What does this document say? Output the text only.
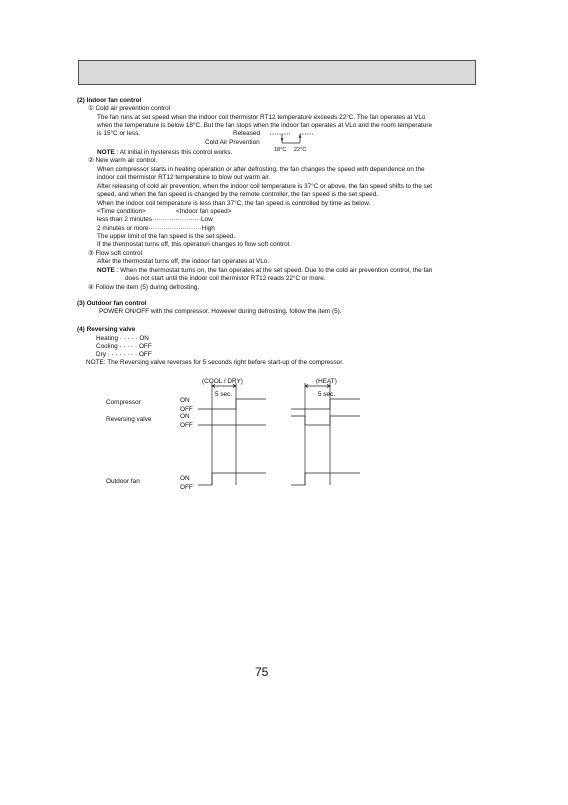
(2) Indoor fan control
① Cold air prevention control
The fan runs at set speed when the indoor coil thermistor RT12 temperature exceeds 22°C. The fan operates at VLo
when the temperature is below 18°C. But the fan stops when the indoor fan operates at VLo and the room temperature
is 15°C or less.	Released
Cold Air Prevention
18°C 22°C
NOTE : At initial in hysteresis this control works.
② New warm air control.
When compressor starts in heating operation or after defrosting, the fan changes the speed with dependence on the
indoor coil thermistor RT12 temperature to blow out warm air.
After releasing of cold air prevention, when the indoor coil temperature is 37°C or above, the fan speed shifts to the set
speed, and when the fan speed is changed by the remote controller, the fan speed is the set speed.
When the indoor coil temperature is less than 37°C, the fan speed is controlled by time as below.
<Time condition>	<Indoor fan speed>
less than 2 minutes·······················Low
2 minutes or more·························High
The upper limit of the fan speed is the set speed.
If the thermostat turns off, this operation changes to flow soft control.
③ Flow soft control
After the thermostat turns off, the indoor fan operates at VLo.
NOTE : When the thermostat turns on, the fan operates at the set speed. Due to the cold air prevention control, the fan
does not start until the indoor coil thermistor RT12 reads 22°C or more.
④ Follow the item (5) during defrosting.
(3) Outdoor fan control
POWER ON/OFF with the compressor. However during defrosting, follow the item (5).
(4) Reversing valve
Heating · · · · · ON
Cooling · · · · · OFF
Dry · · · · · · · · OFF
NOTE: The Reversing valve reverses for 5 seconds right before start-up of the compressor.
(COOL / DRY)	(HEAT)
5 sec.	5 sec.
Compressor
Reversing valve
Outdoor fan
ON
OFF
ON
OFF
ON
OFF
75
